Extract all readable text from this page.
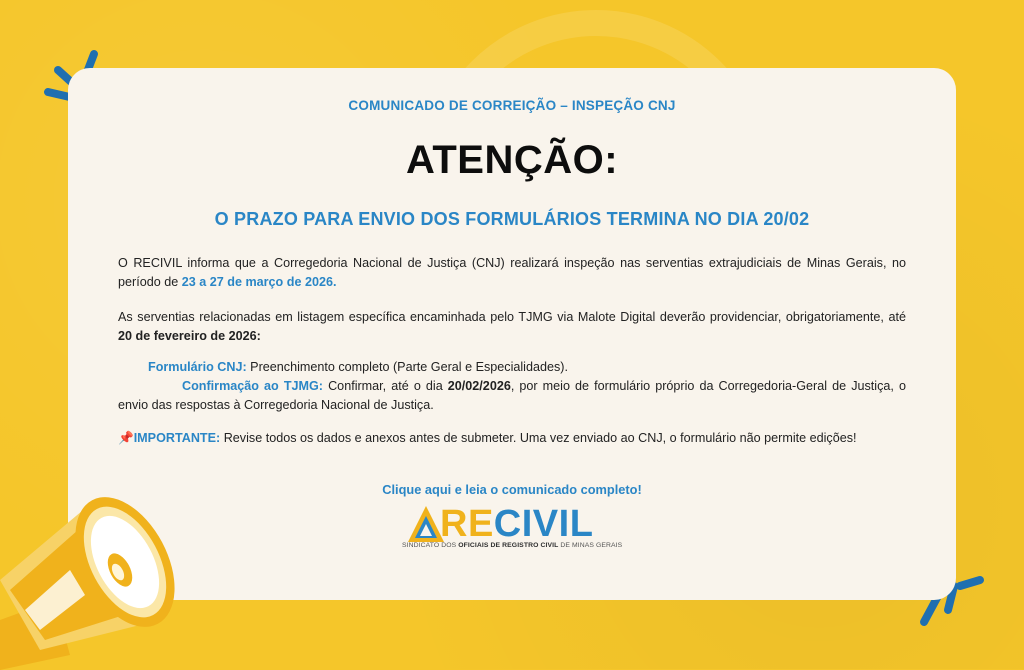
COMUNICADO DE CORREIÇÃO – INSPEÇÃO CNJ
ATENÇÃO:
O PRAZO PARA ENVIO DOS FORMULÁRIOS TERMINA NO DIA 20/02
O RECIVIL informa que a Corregedoria Nacional de Justiça (CNJ) realizará inspeção nas serventias extrajudiciais de Minas Gerais, no período de 23 a 27 de março de 2026.
As serventias relacionadas em listagem específica encaminhada pelo TJMG via Malote Digital deverão providenciar, obrigatoriamente, até 20 de fevereiro de 2026:
Formulário CNJ: Preenchimento completo (Parte Geral e Especialidades).
Confirmação ao TJMG: Confirmar, até o dia 20/02/2026, por meio de formulário próprio da Corregedoria-Geral de Justiça, o envio das respostas à Corregedoria Nacional de Justiça.
📌IMPORTANTE: Revise todos os dados e anexos antes de submeter. Uma vez enviado ao CNJ, o formulário não permite edições!
Clique aqui e leia o comunicado completo!
RECIVIL
SINDICATO DOS OFICIAIS DE REGISTRO CIVIL DE MINAS GERAIS
